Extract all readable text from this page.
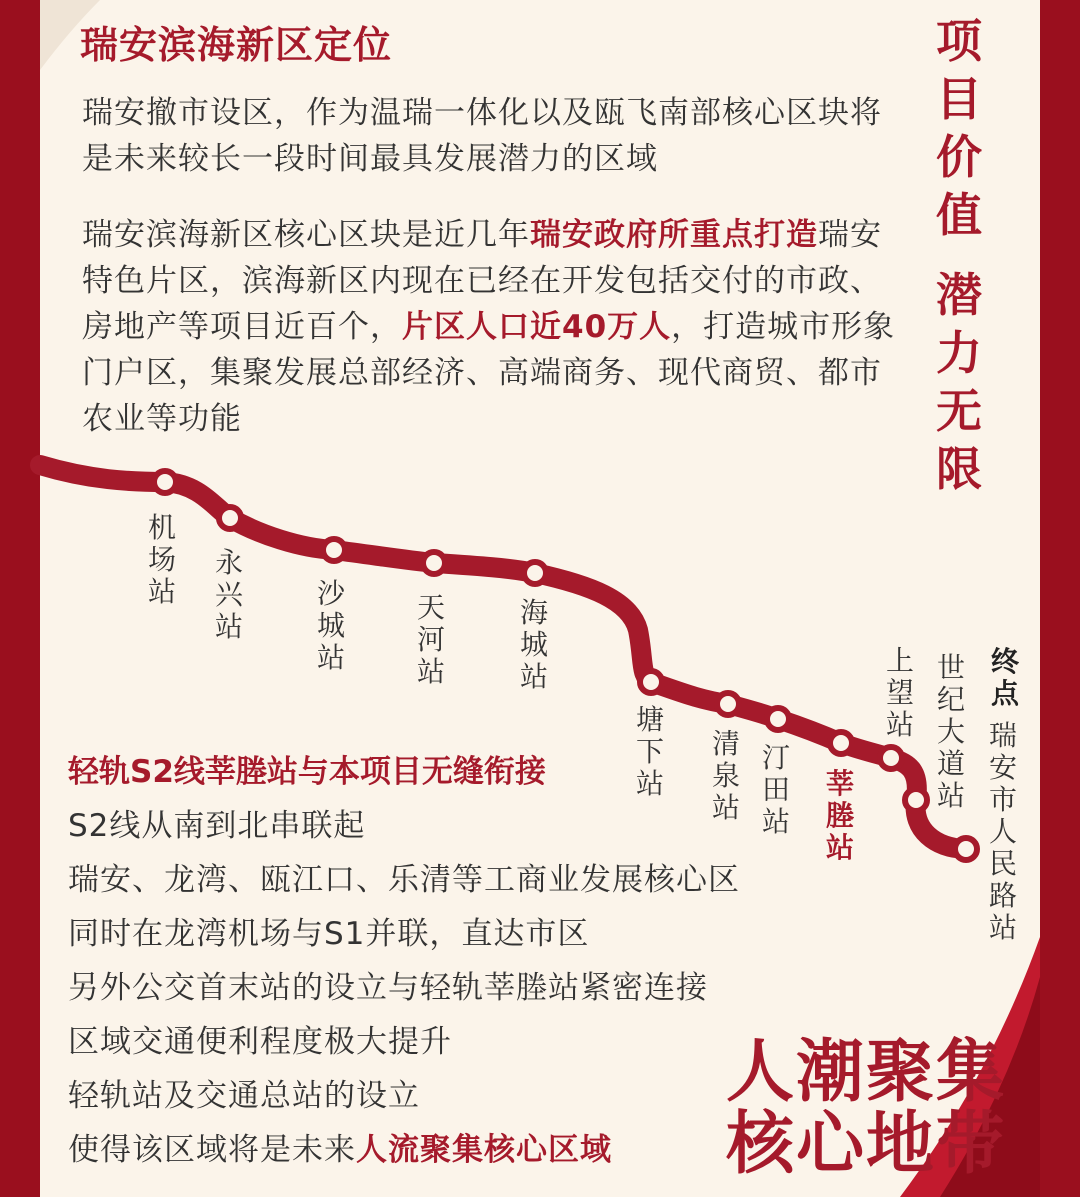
瑞安滨海新区定位

瑞安撤市设区，作为温瑞一体化以及瓯飞南部核心区块将是未来较长一段时间最具发展潜力的区域

瑞安滨海新区核心区块是近几年瑞安政府所重点打造瑞安特色片区，滨海新区内现在已经在开发包括交付的市政、房地产等项目近百个，片区人口近40万人，打造城市形象门户区，集聚发展总部经济、高端商务、现代商贸、都市农业等功能

项目价值
潜力无限
机场站
永兴站
沙城站
天河站
海城站
塘下站
清泉站
汀田站
莘塍站
上望站
世纪大道站
瑞安市人民路站
终点
轻轨S2线莘塍站与本项目无缝衔接

S2线从南到北串联起

瑞安、龙湾、瓯江口、乐清等工商业发展核心区

同时在龙湾机场与S1并联，直达市区

另外公交首末站的设立与轻轨莘塍站紧密连接

区域交通便利程度极大提升

轻轨站及交通总站的设立

使得该区域将是未来人流聚集核心区域

人潮聚集
核心地带
